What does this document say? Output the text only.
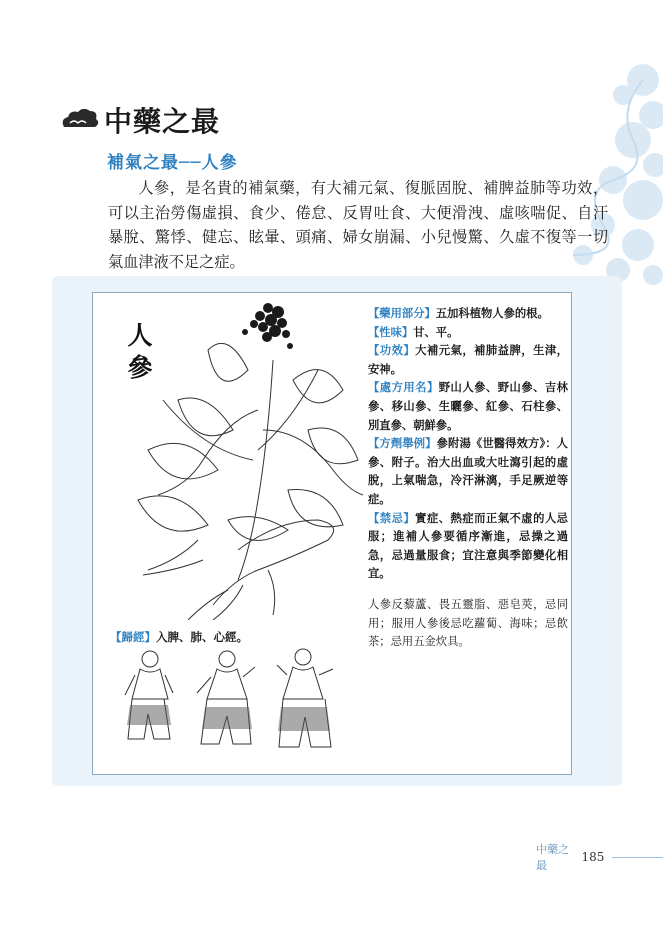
中藥之最
補氣之最──人參

人參，是名貴的補氣藥，有大補元氣、復脈固脫、補脾益肺等功效，可以主治勞傷虛損、食少、倦怠、反胃吐食、大便滑洩、虛咳喘促、自汗暴脫、驚悸、健忘、眩暈、頭痛、婦女崩漏、小兒慢驚、久虛不復等一切氣血津液不足之症。

人參

【藥用部分】五加科植物人參的根。

【性味】甘、平。

【功效】大補元氣，補肺益脾，生津，安神。

【處方用名】野山人參、野山參、吉林參、移山參、生曬參、紅參、石柱參、別直參、朝鮮參。

【方劑舉例】參附湯《世醫得效方》：人參、附子。治大出血或大吐瀉引起的虛脫，上氣喘急，冷汗淋漓，手足厥逆等症。

【禁忌】實症、熱症而正氣不虛的人忌服；進補人參要循序漸進，忌操之過急，忌過量服食；宜注意與季節變化相宜。

人參反藜蘆、畏五靈脂、惡皂莢，忌同用；服用人參後忌吃蘿蔔、海味；忌飲茶；忌用五金炊具。

【歸經】入脾、肺、心經。
中藥之最
185
